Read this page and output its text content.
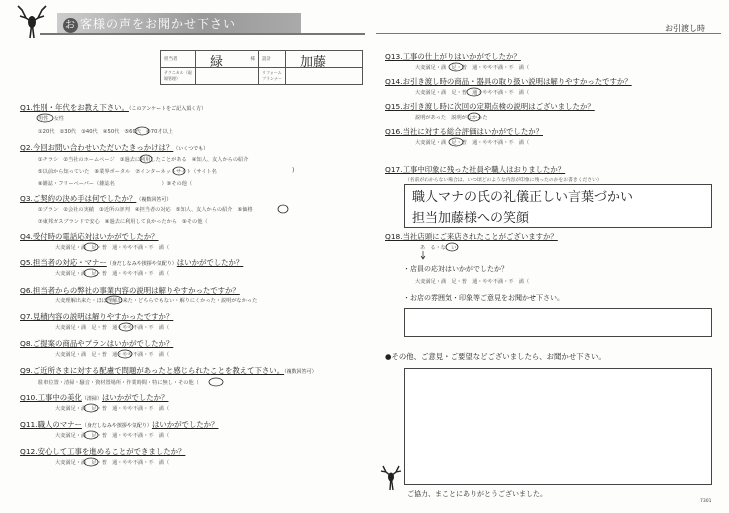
お 客様の声をお聞かせ下さい	お引渡し時
担当者	緑 様	設計	加藤

テクニカル（現場管理）		リフォームプランナー	
Q1.性別・年代をお教え下さい。（このアンケートをご記入頂く方）
男性　女性
①20代　②30代　③40代　④50代　⑤60代　⑥70才以上
Q2.今回お問い合わせいただいたきっかけは？（いくつでも）
①チラシ　②当社のホームページ　③過去に利用したことがある　④知人、友人からの紹介
⑤以前から知っていた　⑥業界ポータル　⑦インターネットサイト（サイト名
⑧雑誌・フリーペーパー（雑誌名　　　　　　　　　）⑨その他（
)
Q3.ご契約の決め手は何でしたか？（複数回答可）
①プラン　②会社の実績　③近所の評判　④担当者の対応　⑤知人、友人からの紹介　⑥価格
⑦東邦ガスブランドで安心　⑧過去に利用して良かったから　⑨その他（
Q4.受付時の電話応対はいかがでしたか？
大変満足・満　足・普　通・やや不満・不　満（
Q5.担当者の対応・マナー（身だしなみや挨拶や気配り）はいかがでしたか？
大変満足・満　足・普　通・やや不満・不　満（
Q6.担当者からの弊社の事業内容の説明は解りやすかったですか？
大変理解出来た・ほぼ理解出来た・どちらでもない・解りにくかった・説明がなかった
Q7.見積内容の説明は解りやすかったですか？
大変満足・満　足・普　通・やや不満・不　満（
Q8.ご提案の商品やプランはいかがでしたか？
大変満足・満　足・普　通・やや不満・不　満（
Q9.ご近所さまに対する配慮で問題があったと感じられたことを教えて下さい。（複数回答可）
駐車位置・清掃・騒音・資材置場所・作業時間・特に無し・その他（
Q10.工事中の美化（清掃）はいかがでしたか？
大変満足・満　足・普　通・やや不満・不　満（
Q11.職人のマナー（身だしなみや挨拶や気配り）はいかがでしたか？
大変満足・満　足・普　通・やや不満・不　満（
Q12.安心して工事を進めることができましたか？
大変満足・満　足・普　通・やや不満・不　満（
Q13.工事の仕上がりはいかがでしたか？
大変満足・満　足・普　通・やや不満・不　満（
Q14.お引き渡し時の商品・器具の取り扱い説明は解りやすかったですか？
大変満足・満　足・普　通・やや不満・不　満（
Q15.お引き渡し時に次回の定期点検の説明はございましたか？
説明があった　説明がなかった
Q16.当社に対する総合評価はいかがでしたか？
大変満足・満　足・普　通・やや不満・不　満（
Q17.工事中印象に残った社員や職人はおりましたか？
（名前がわからない場合は、いつ頃どのような内容が印象に残ったのかをお書きください）
職人マナの氏の礼儀正しい言葉づかい
担当加藤様への笑顔
Q18.当社店頭にご来店されたことがございますか？
あ　る・な　い
・店員の応対はいかがでしたか？
大変満足・満　足・普　通・やや不満・不　満（
・お店の雰囲気・印象等ご意見をお聞かせ下さい。
●その他、ご意見・ご要望などございましたら、お聞かせ下さい。
ご協力、まことにありがとうございました。
7301
